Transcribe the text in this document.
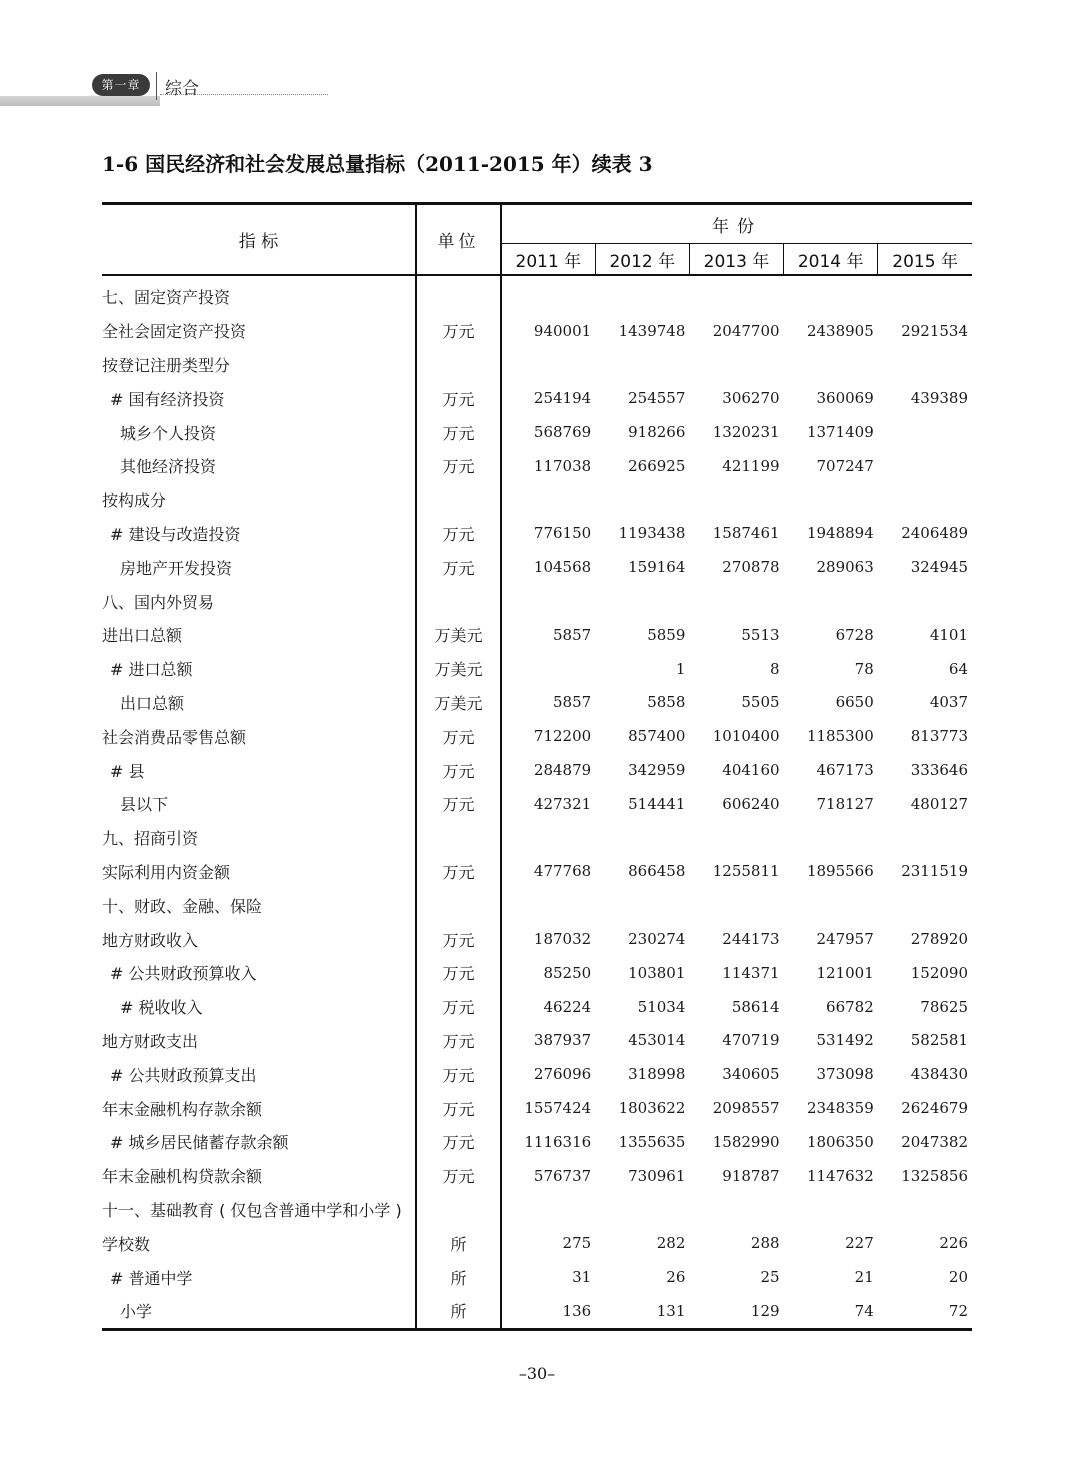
第一章	综合
1-6 国民经济和社会发展总量指标（2011-2015 年）续表 3
指 标	单位	年份				
		2011 年	2012 年	2013 年	2014 年	2015 年
七、固定资产投资						
全社会固定资产投资	万元	940001	1439748	2047700	2438905	2921534
按登记注册类型分						
# 国有经济投资	万元	254194	254557	306270	360069	439389
城乡个人投资	万元	568769	918266	1320231	1371409	
其他经济投资	万元	117038	266925	421199	707247	
按构成分						
# 建设与改造投资	万元	776150	1193438	1587461	1948894	2406489
房地产开发投资	万元	104568	159164	270878	289063	324945
八、国内外贸易						
进出口总额	万美元	5857	5859	5513	6728	4101
# 进口总额	万美元		1	8	78	64
出口总额	万美元	5857	5858	5505	6650	4037
社会消费品零售总额	万元	712200	857400	1010400	1185300	813773
# 县	万元	284879	342959	404160	467173	333646
县以下	万元	427321	514441	606240	718127	480127
九、招商引资						
实际利用内资金额	万元	477768	866458	1255811	1895566	2311519
十、财政、金融、保险						
地方财政收入	万元	187032	230274	244173	247957	278920
# 公共财政预算收入	万元	85250	103801	114371	121001	152090
# 税收收入	万元	46224	51034	58614	66782	78625
地方财政支出	万元	387937	453014	470719	531492	582581
# 公共财政预算支出	万元	276096	318998	340605	373098	438430
年末金融机构存款余额	万元	1557424	1803622	2098557	2348359	2624679
# 城乡居民储蓄存款余额	万元	1116316	1355635	1582990	1806350	2047382
年末金融机构贷款余额	万元	576737	730961	918787	1147632	1325856
十一、基础教育 ( 仅包含普通中学和小学 )						
学校数	所	275	282	288	227	226
# 普通中学	所	31	26	25	21	20
小学	所	136	131	129	74	72
–30–
